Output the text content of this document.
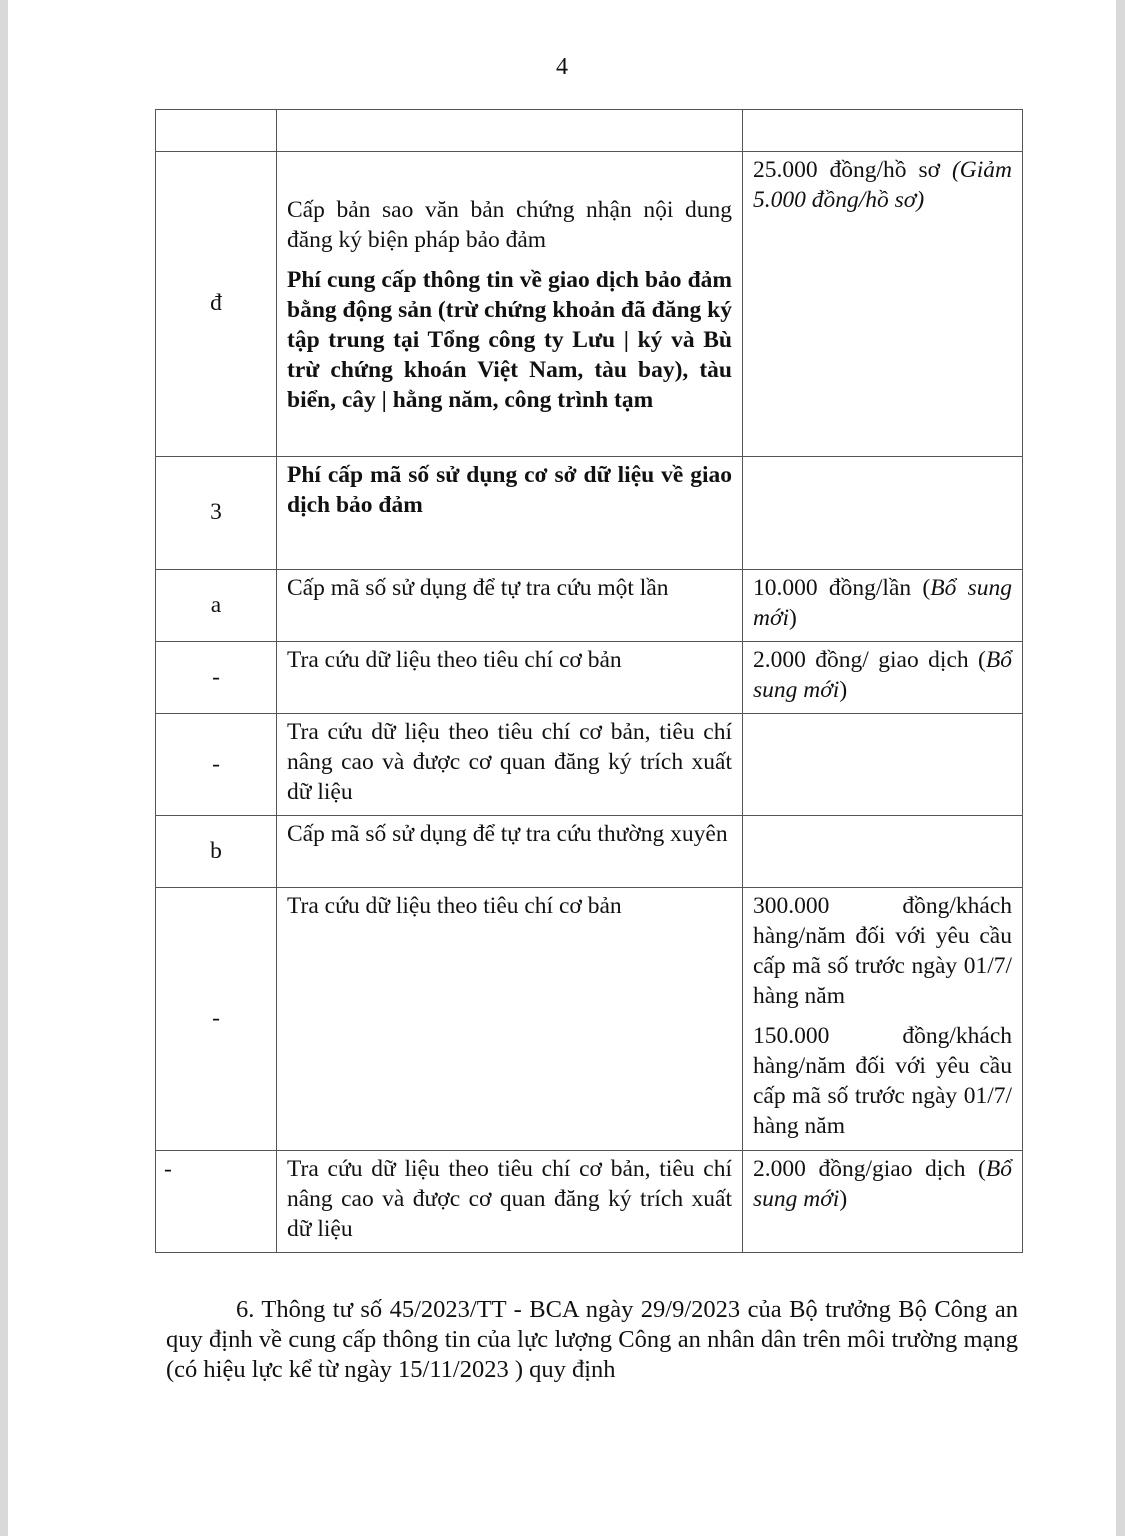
4

đ	Cấp bản sao văn bản chứng nhận nội dung đăng ký biện pháp bảo đảm
Phí cung cấp thông tin về giao dịch bảo đảm bằng động sản (trừ chứng khoản đã đăng ký tập trung tại Tổng công ty Lưu | ký và Bù trừ chứng khoán Việt Nam, tàu bay), tàu biển, cây | hằng năm, công trình tạm	25.000 đồng/hồ sơ (Giảm 5.000 đồng/hồ sơ)

3	Phí cấp mã số sử dụng cơ sở dữ liệu về giao dịch bảo đảm	

a	Cấp mã số sử dụng để tự tra cứu một lần	10.000 đồng/lần (Bổ sung mới)

-	Tra cứu dữ liệu theo tiêu chí cơ bản	2.000 đồng/ giao dịch (Bổ sung mới)

-	Tra cứu dữ liệu theo tiêu chí cơ bản, tiêu chí nâng cao và được cơ quan đăng ký trích xuất dữ liệu	
b	Cấp mã số sử dụng để tự tra cứu thường xuyên	
-	Tra cứu dữ liệu theo tiêu chí cơ bản	300.000 đồng/khách hàng/năm đối với yêu cầu cấp mã số trước ngày 01/7/ hàng năm
150.000 đồng/khách hàng/năm đối với yêu cầu cấp mã số trước ngày 01/7/ hàng năm

-	Tra cứu dữ liệu theo tiêu chí cơ bản, tiêu chí nâng cao và được cơ quan đăng ký trích xuất dữ liệu	2.000 đồng/giao dịch (Bổ sung mới)
6. Thông tư số 45/2023/TT - BCA ngày 29/9/2023 của Bộ trưởng Bộ Công an quy định về cung cấp thông tin của lực lượng Công an nhân dân trên môi trường mạng (có hiệu lực kể từ ngày 15/11/2023 ) quy định
